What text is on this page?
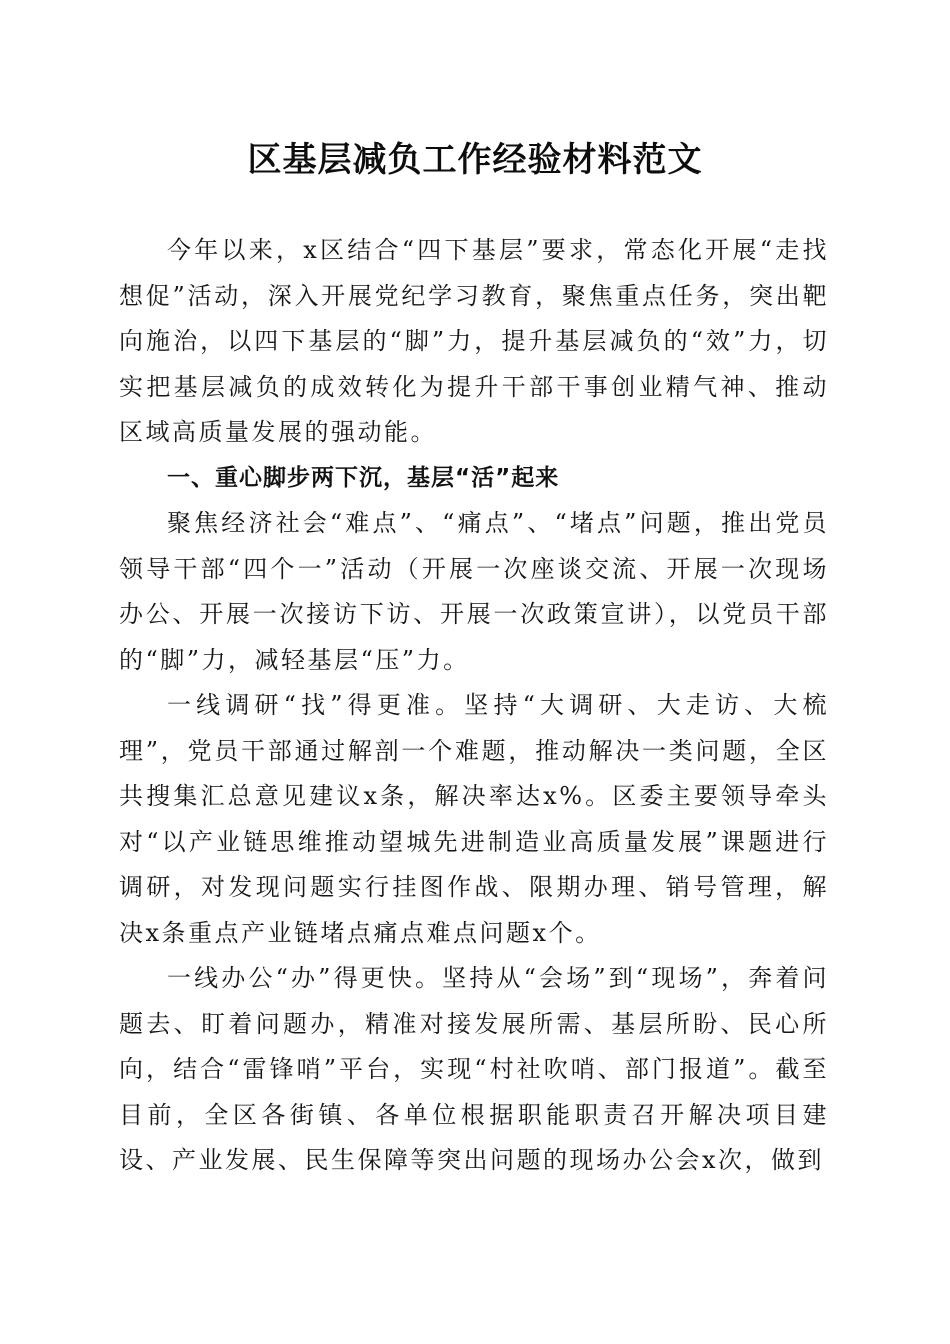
区基层减负工作经验材料范文

今年以来，x区结合“四下基层”要求，常态化开展“走找想促”活动，深入开展党纪学习教育，聚焦重点任务，突出靶向施治，以四下基层的“脚”力，提升基层减负的“效”力，切实把基层减负的成效转化为提升干部干事创业精气神、推动区域高质量发展的强动能。

一、重心脚步两下沉，基层“活”起来

聚焦经济社会“难点”、“痛点”、“堵点”问题，推出党员领导干部“四个一”活动（开展一次座谈交流、开展一次现场办公、开展一次接访下访、开展一次政策宣讲），以党员干部的“脚”力，减轻基层“压”力。

一线调研“找”得更准。坚持“大调研、大走访、大梳理”，党员干部通过解剖一个难题，推动解决一类问题，全区共搜集汇总意见建议x条，解决率达x%。区委主要领导牵头对“以产业链思维推动望城先进制造业高质量发展”课题进行调研，对发现问题实行挂图作战、限期办理、销号管理，解决x条重点产业链堵点痛点难点问题x个。

一线办公“办”得更快。坚持从“会场”到“现场”，奔着问题去、盯着问题办，精准对接发展所需、基层所盼、民心所向，结合“雷锋哨”平台，实现“村社吹哨、部门报道”。截至目前，全区各街镇、各单位根据职能职责召开解决项目建设、产业发展、民生保障等突出问题的现场办公会x次，做到
